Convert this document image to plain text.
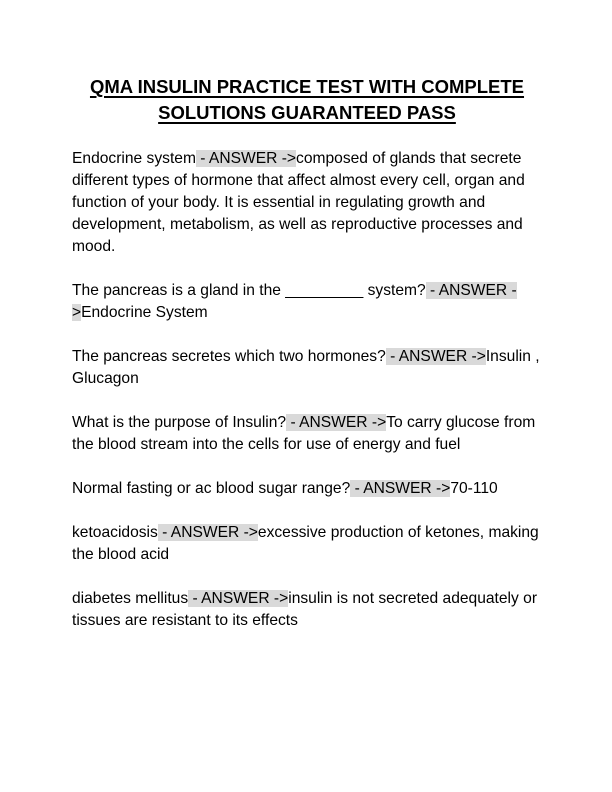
QMA INSULIN PRACTICE TEST WITH COMPLETE
SOLUTIONS GUARANTEED PASS

Endocrine system - ANSWER ->composed of glands that secrete different types of hormone that affect almost every cell, organ and function of your body. It is essential in regulating growth and development, metabolism, as well as reproductive processes and mood.

The pancreas is a gland in the _________ system? - ANSWER ->Endocrine System

The pancreas secretes which two hormones? - ANSWER ->Insulin , Glucagon

What is the purpose of Insulin? - ANSWER ->To carry glucose from the blood stream into the cells for use of energy and fuel

Normal fasting or ac blood sugar range? - ANSWER ->70-110

ketoacidosis - ANSWER ->excessive production of ketones, making the blood acid

diabetes mellitus - ANSWER ->insulin is not secreted adequately or tissues are resistant to its effects
